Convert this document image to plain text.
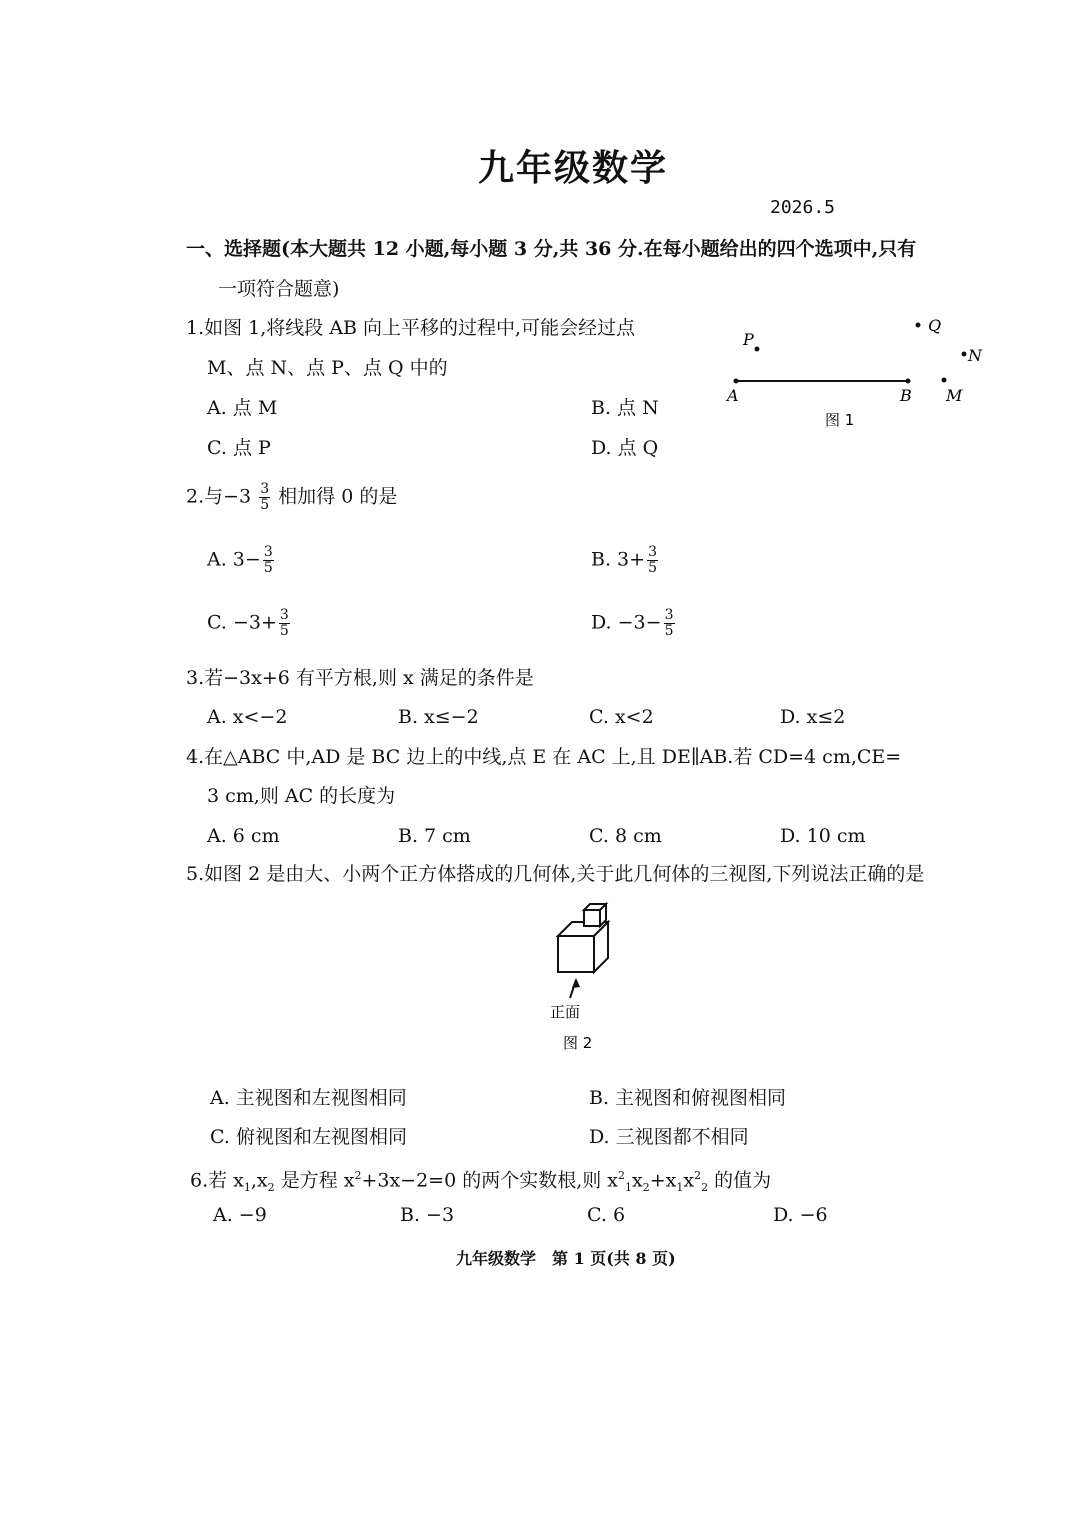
九年级数学
2026.5
一、选择题(本大题共 12 小题,每小题 3 分,共 36 分.在每小题给出的四个选项中,只有
一项符合题意)
1.如图 1,将线段 AB 向上平移的过程中,可能会经过点
M、点 N、点 P、点 Q 中的
A. 点 M	B. 点 N
C. 点 P	D. 点 Q
P
Q
N
A	B M
图 1
2.与$-3 \frac{3}{5}$ 相加得 0 的是
A. $3- \frac{3}{5}$	B. $3+ \frac{3}{5}$
C. $-3+ \frac{3}{5}$	D. $-3- \frac{3}{5}$
3.若−3x+6 有平方根,则 x 满足的条件是
A. x<−2	B. x≤−2	C. x<2	D. x≤2
4.在△ABC 中,AD 是 BC 边上的中线,点 E 在 AC 上,且 DE∥AB.若 CD=4 cm,CE=
3 cm,则 AC 的长度为
A. 6 cm	B. 7 cm	C. 8 cm	D. 10 cm
5.如图 2 是由大、小两个正方体搭成的几何体,关于此几何体的三视图,下列说法正确的是
正面
图 2
A. 主视图和左视图相同	B. 主视图和俯视图相同
C. 俯视图和左视图相同	D. 三视图都不相同
6.若 $x_1,x_2$ 是方程 $x^2+3x-2=0$ 的两个实数根,则 $x^2_1x_2+x_1x^2_2$ 的值为
A. −9	B. −3	C. 6	D. −6
九年级数学　第 1 页(共 8 页)
